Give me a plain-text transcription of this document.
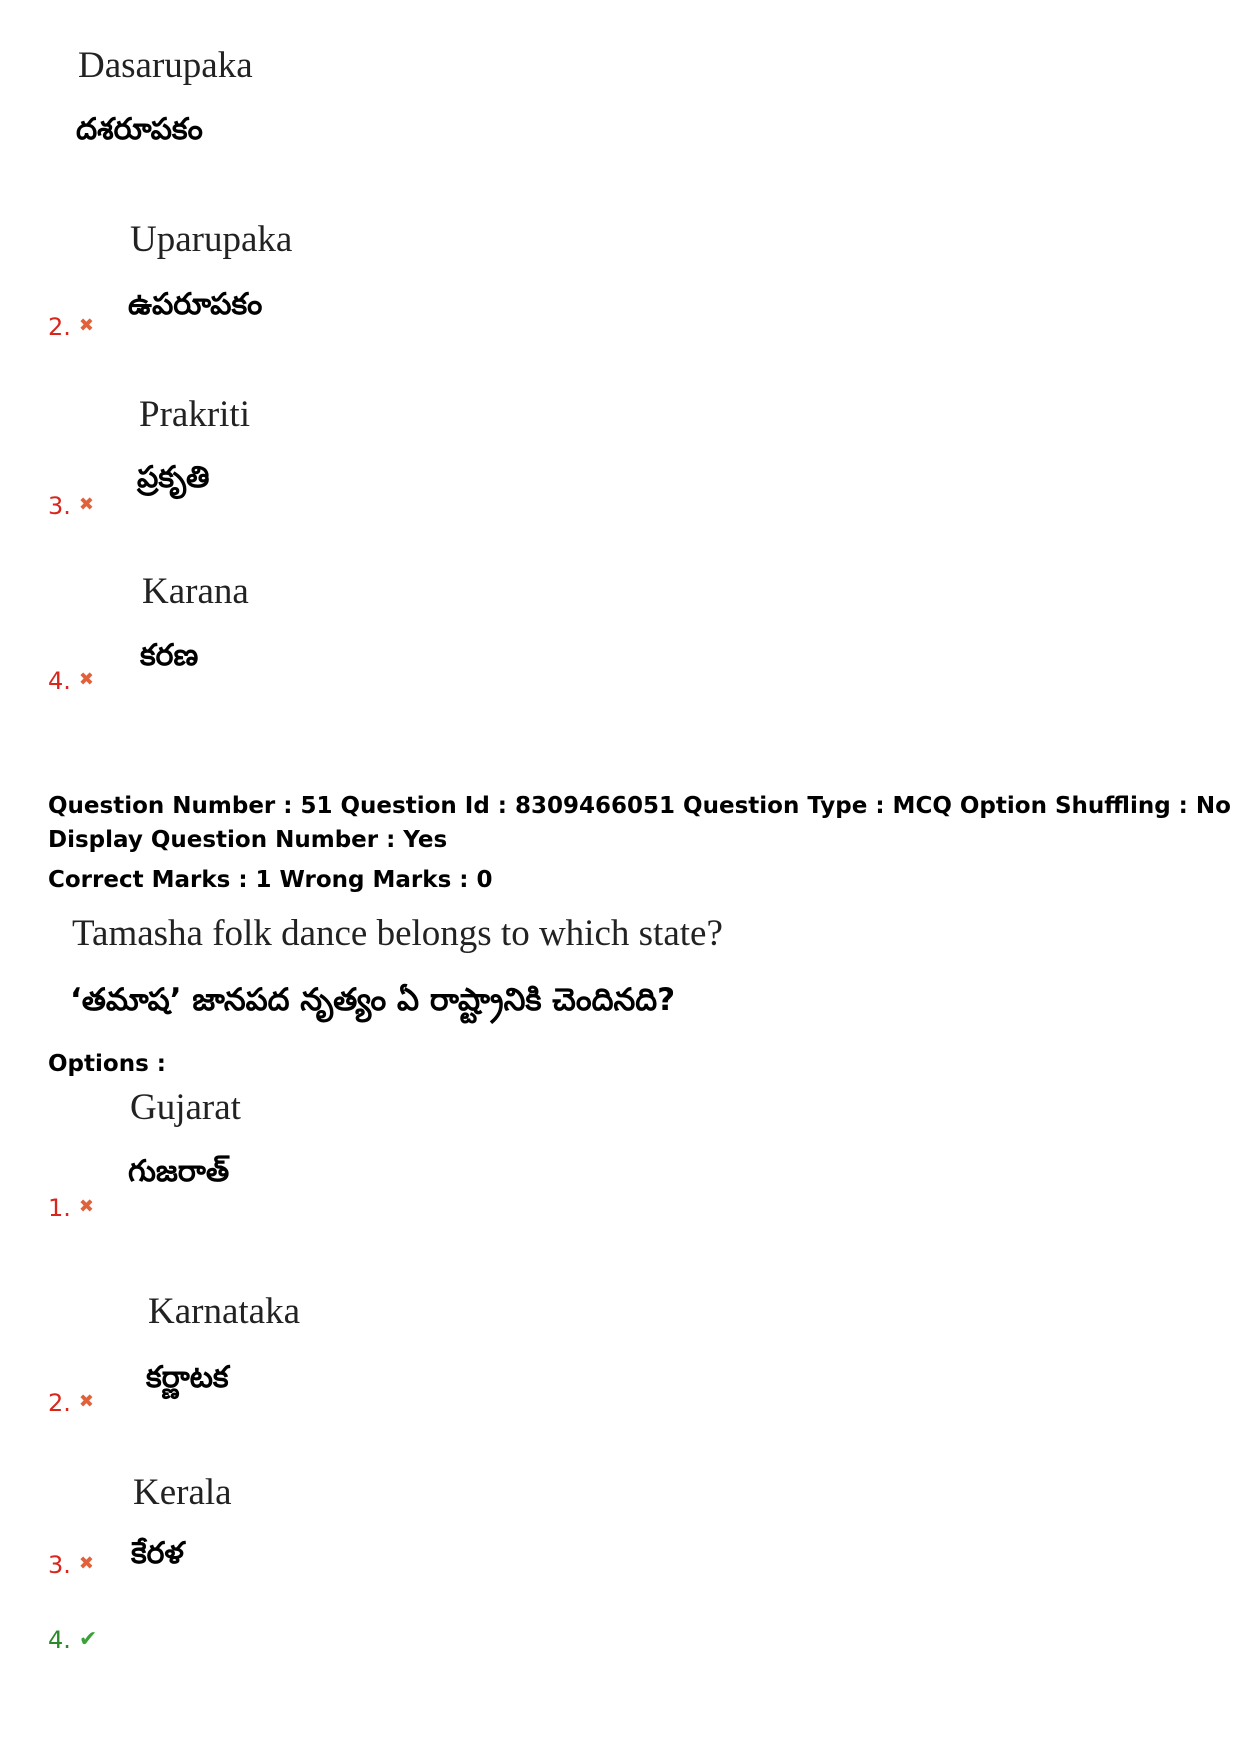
Dasarupaka
దశరూపకం
Uparupaka
ఉపరూపకం
2. ✖
Prakriti
ప్రకృతి
3. ✖
Karana
కరణ
4. ✖
Question Number : 51 Question Id : 8309466051 Question Type : MCQ Option Shuffling : No
Display Question Number : Yes
Correct Marks : 1 Wrong Marks : 0
Tamasha folk dance belongs to which state?
‘తమాష’ జానపద నృత్యం ఏ రాష్ట్రానికి చెందినది?
Options :
Gujarat
గుజరాత్
1. ✖
Karnataka
కర్ణాటక
2. ✖
Kerala
కేరళ
3. ✖
4. ✔
